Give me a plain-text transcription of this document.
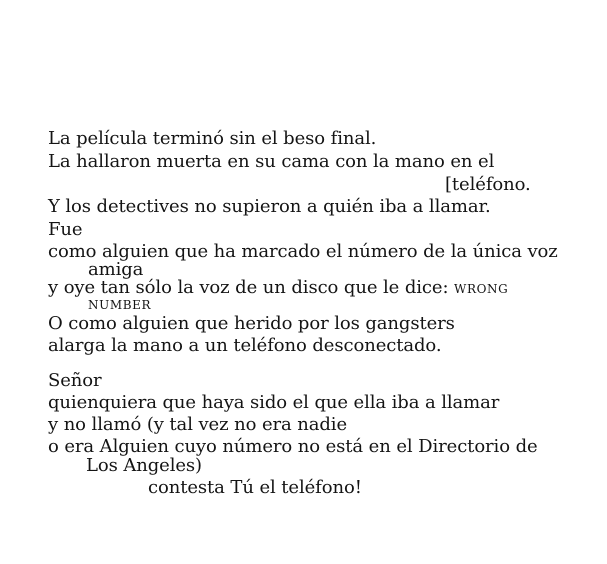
La película terminó sin el beso final.
La hallaron muerta en su cama con la mano en el
[teléfono.
Y los detectives no supieron a quién iba a llamar.
Fue
como alguien que ha marcado el número de la única voz
amiga
y oye tan sólo la voz de un disco que le dice: WRONG
NUMBER
O como alguien que herido por los gangsters
alarga la mano a un teléfono desconectado.
Señor
quienquiera que haya sido el que ella iba a llamar
y no llamó (y tal vez no era nadie
o era Alguien cuyo número no está en el Directorio de
Los Angeles)
contesta Tú el teléfono!
